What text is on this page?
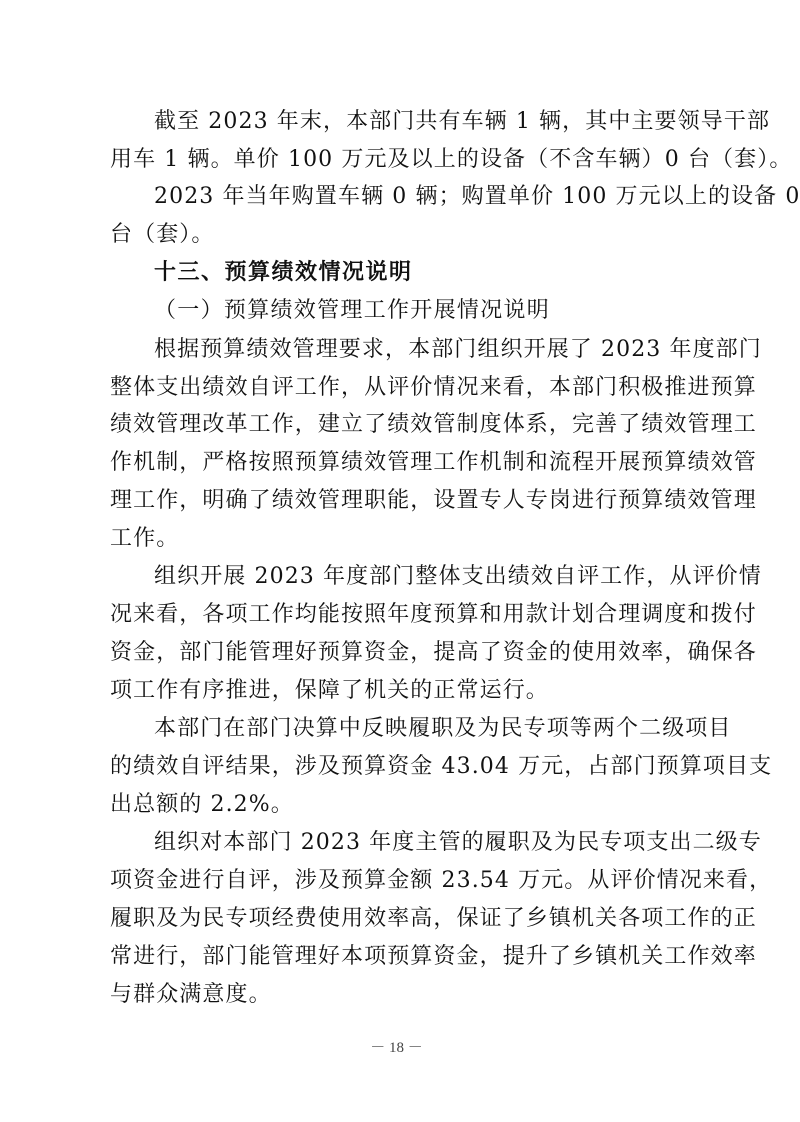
截至 2023 年末，本部门共有车辆 1 辆，其中主要领导干部
用车 1 辆。单价 100 万元及以上的设备（不含车辆）0 台（套）。
2023 年当年购置车辆 0 辆；购置单价 100 万元以上的设备 0
台（套）。
十三、预算绩效情况说明
（一）预算绩效管理工作开展情况说明
根据预算绩效管理要求，本部门组织开展了 2023 年度部门
整体支出绩效自评工作，从评价情况来看，本部门积极推进预算
绩效管理改革工作，建立了绩效管制度体系，完善了绩效管理工
作机制，严格按照预算绩效管理工作机制和流程开展预算绩效管
理工作，明确了绩效管理职能，设置专人专岗进行预算绩效管理
工作。
组织开展 2023 年度部门整体支出绩效自评工作，从评价情
况来看，各项工作均能按照年度预算和用款计划合理调度和拨付
资金，部门能管理好预算资金，提高了资金的使用效率，确保各
项工作有序推进，保障了机关的正常运行。
本部门在部门决算中反映履职及为民专项等两个二级项目
的绩效自评结果，涉及预算资金 43.04 万元，占部门预算项目支
出总额的 2.2%。
组织对本部门 2023 年度主管的履职及为民专项支出二级专
项资金进行自评，涉及预算金额 23.54 万元。从评价情况来看，
履职及为民专项经费使用效率高，保证了乡镇机关各项工作的正
常进行，部门能管理好本项预算资金，提升了乡镇机关工作效率
与群众满意度。
－ 18 －
